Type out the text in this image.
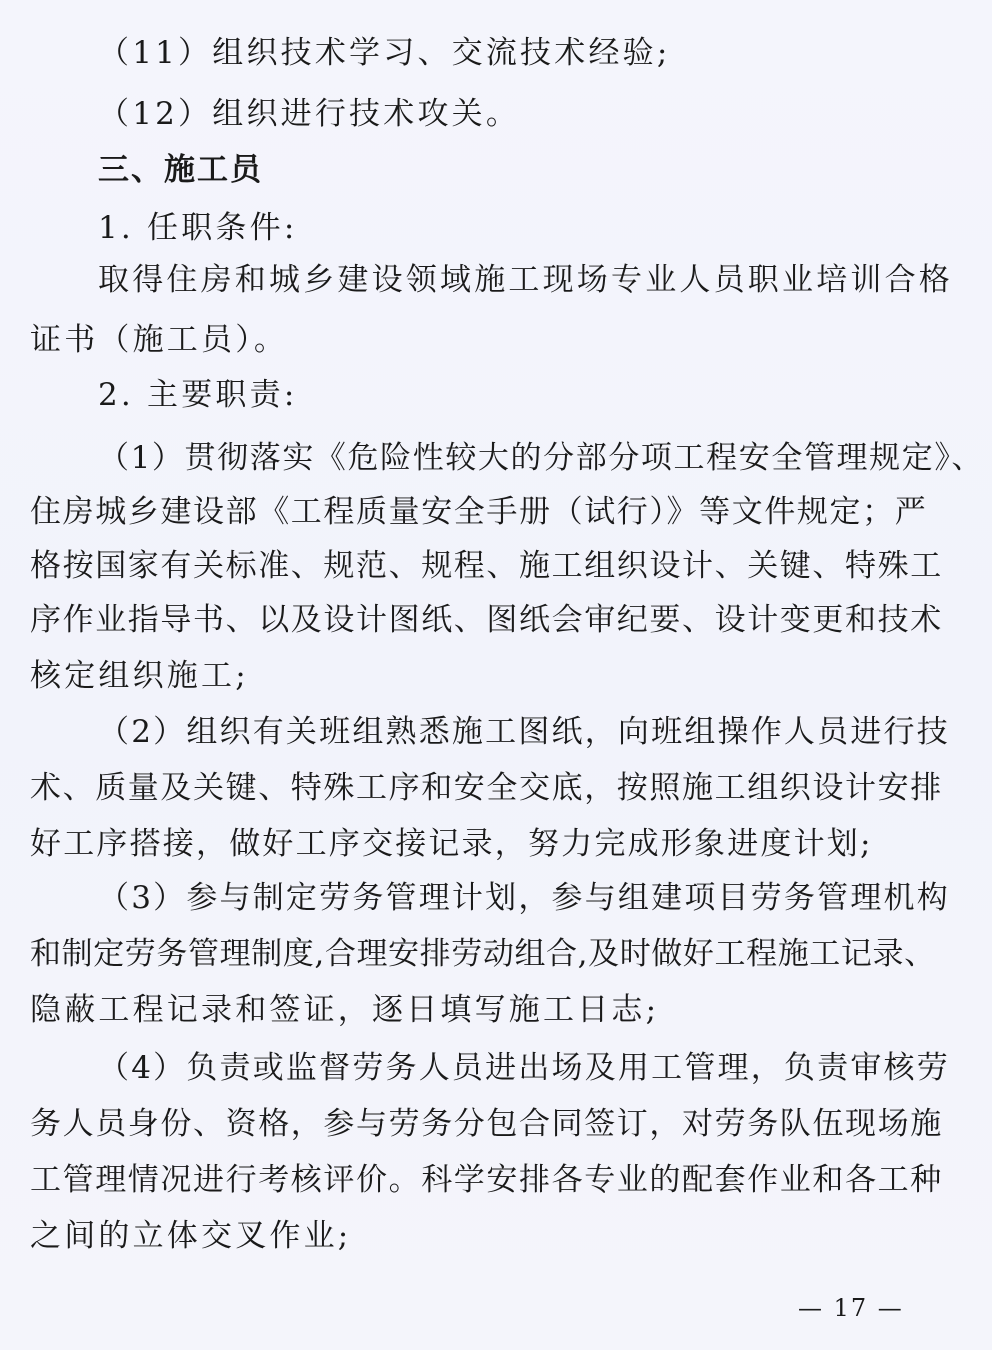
（11）组织技术学习、交流技术经验;
（12）组织进行技术攻关。
三、施工员
1. 任职条件:
取得住房和城乡建设领域施工现场专业人员职业培训合格
证书（施工员）。
2. 主要职责:
（1）贯彻落实《危险性较大的分部分项工程安全管理规定》、
住房城乡建设部《工程质量安全手册（试行）》等文件规定；严
格按国家有关标准、规范、规程、施工组织设计、关键、特殊工
序作业指导书、以及设计图纸、图纸会审纪要、设计变更和技术
核定组织施工;
（2）组织有关班组熟悉施工图纸，向班组操作人员进行技
术、质量及关键、特殊工序和安全交底，按照施工组织设计安排
好工序搭接，做好工序交接记录，努力完成形象进度计划;
（3）参与制定劳务管理计划，参与组建项目劳务管理机构
和制定劳务管理制度,合理安排劳动组合,及时做好工程施工记录、
隐蔽工程记录和签证，逐日填写施工日志;
（4）负责或监督劳务人员进出场及用工管理，负责审核劳
务人员身份、资格，参与劳务分包合同签订，对劳务队伍现场施
工管理情况进行考核评价。科学安排各专业的配套作业和各工种
之间的立体交叉作业;
— 17 —
